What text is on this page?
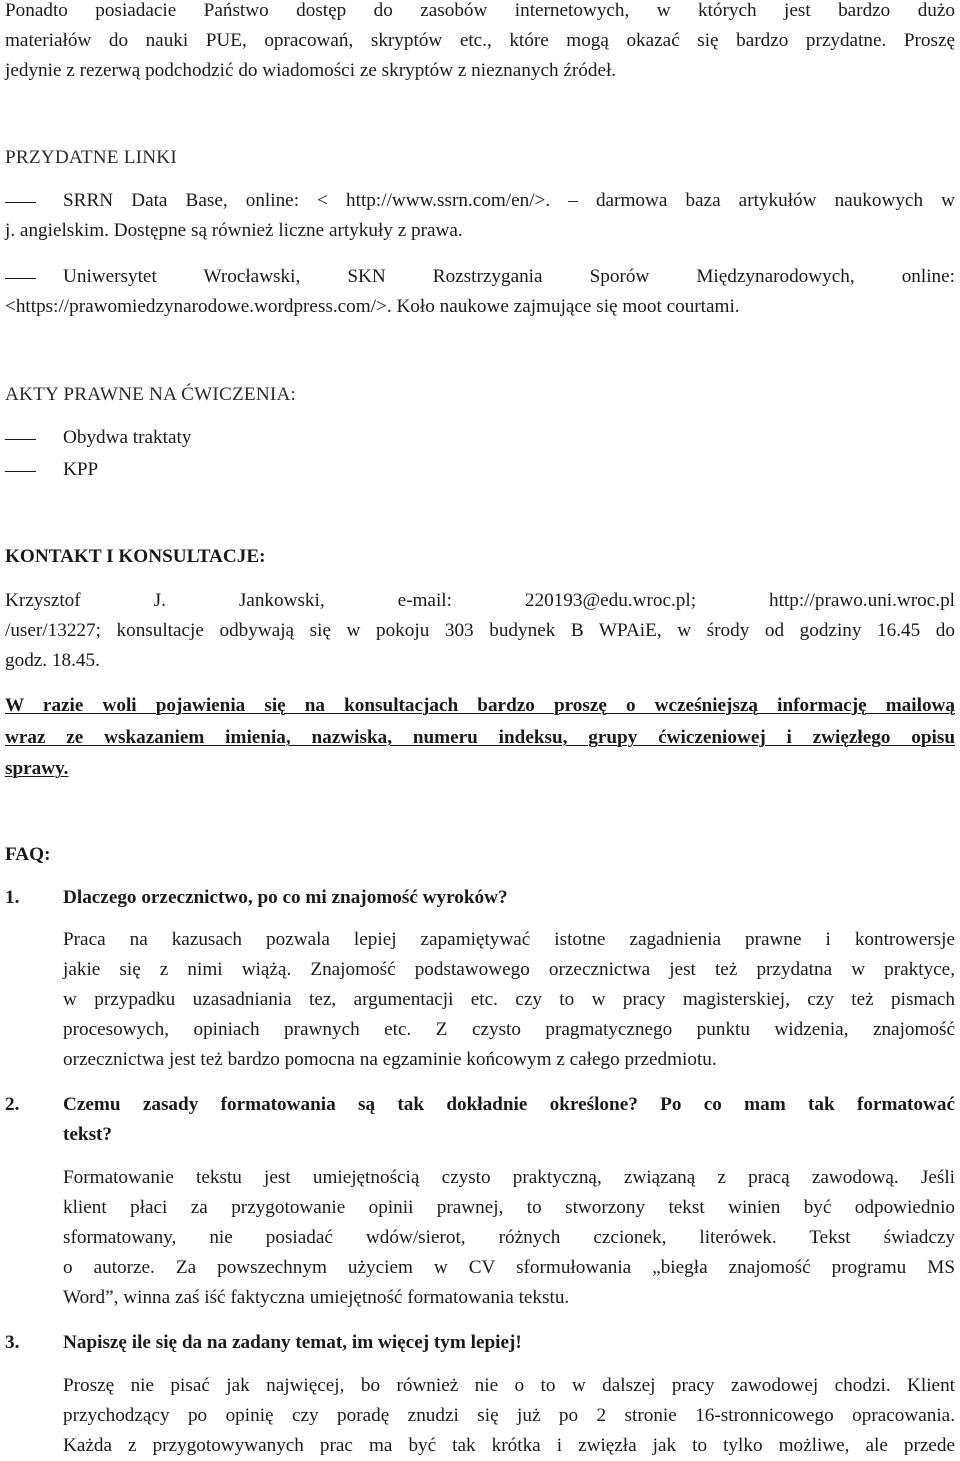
Ponadto posiadacie Państwo dostęp do zasobów internetowych, w których jest bardzo dużo
materiałów do nauki PUE, opracowań, skryptów etc., które mogą okazać się bardzo przydatne. Proszę
jedynie z rezerwą podchodzić do wiadomości ze skryptów z nieznanych źródeł.
PRZYDATNE LINKI
SRRN Data Base, online: < http://www.ssrn.com/en/>. – darmowa baza artykułów naukowych w
j. angielskim. Dostępne są również liczne artykuły z prawa.
Uniwersytet Wrocławski, SKN Rozstrzygania Sporów Międzynarodowych, online:
<https://prawomiedzynarodowe.wordpress.com/>. Koło naukowe zajmujące się moot courtami.
AKTY PRAWNE NA ĆWICZENIA:
Obydwa traktaty
KPP
KONTAKT I KONSULTACJE:
Krzysztof J. Jankowski, e-mail: 220193@edu.wroc.pl; http://prawo.uni.wroc.pl
/user/13227; konsultacje odbywają się w pokoju 303 budynek B WPAiE, w środy od godziny 16.45 do
godz. 18.45.
W razie woli pojawienia się na konsultacjach bardzo proszę o wcześniejszą informację mailową
wraz ze wskazaniem imienia, nazwiska, numeru indeksu, grupy ćwiczeniowej i zwięzłego opisu
sprawy.
FAQ:
1. Dlaczego orzecznictwo, po co mi znajomość wyroków?
Praca na kazusach pozwala lepiej zapamiętywać istotne zagadnienia prawne i kontrowersje
jakie się z nimi wiążą. Znajomość podstawowego orzecznictwa jest też przydatna w praktyce,
w przypadku uzasadniania tez, argumentacji etc. czy to w pracy magisterskiej, czy też pismach
procesowych, opiniach prawnych etc. Z czysto pragmatycznego punktu widzenia, znajomość
orzecznictwa jest też bardzo pomocna na egzaminie końcowym z całego przedmiotu.
2. Czemu zasady formatowania są tak dokładnie określone? Po co mam tak formatować
tekst?
Formatowanie tekstu jest umiejętnością czysto praktyczną, związaną z pracą zawodową. Jeśli
klient płaci za przygotowanie opinii prawnej, to stworzony tekst winien być odpowiednio
sformatowany, nie posiadać wdów/sierot, różnych czcionek, literówek. Tekst świadczy
o autorze. Za powszechnym użyciem w CV sformułowania „biegła znajomość programu MS
Word”, winna zaś iść faktyczna umiejętność formatowania tekstu.
3. Napiszę ile się da na zadany temat, im więcej tym lepiej!
Proszę nie pisać jak najwięcej, bo również nie o to w dalszej pracy zawodowej chodzi. Klient
przychodzący po opinię czy poradę znudzi się już po 2 stronie 16-stronnicowego opracowania.
Każda z przygotowywanych prac ma być tak krótka i zwięzła jak to tylko możliwe, ale przede
